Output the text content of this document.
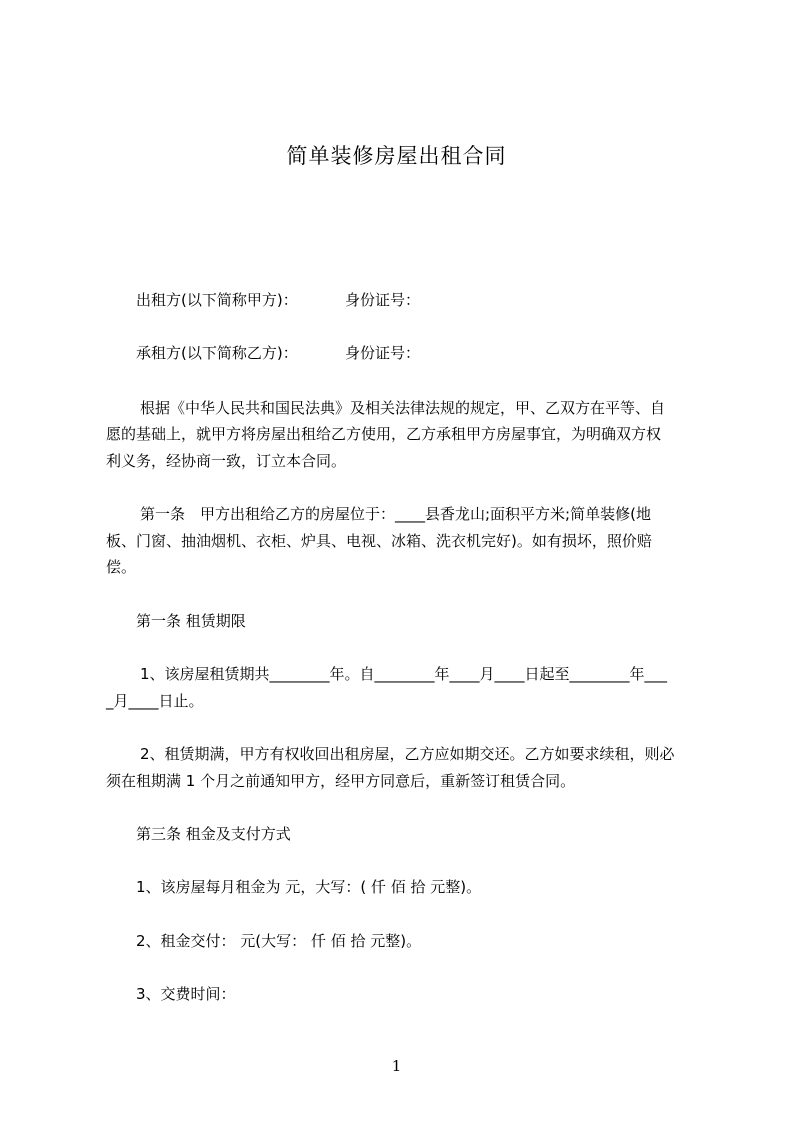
简单装修房屋出租合同
出租方(以下简称甲方)：	身份证号：
承租方(以下简称乙方)：	身份证号：
根据《中华人民共和国民法典》及相关法律法规的规定，甲、乙双方在平等、自
愿的基础上，就甲方将房屋出租给乙方使用，乙方承租甲方房屋事宜，为明确双方权
利义务，经协商一致，订立本合同。
第一条　甲方出租给乙方的房屋位于：____县香龙山;面积平方米;简单装修(地
板、门窗、抽油烟机、衣柜、炉具、电视、冰箱、洗衣机完好)。如有损坏，照价赔
偿。
第一条 租赁期限
1、该房屋租赁期共________年。自________年____月____日起至________年___
_月____日止。
2、租赁期满，甲方有权收回出租房屋，乙方应如期交还。乙方如要求续租，则必
须在租期满 1 个月之前通知甲方，经甲方同意后，重新签订租赁合同。
第三条 租金及支付方式
1、该房屋每月租金为 元，大写：( 仟 佰 拾 元整)。
2、租金交付： 元(大写： 仟 佰 拾 元整)。
3、交费时间：
1
